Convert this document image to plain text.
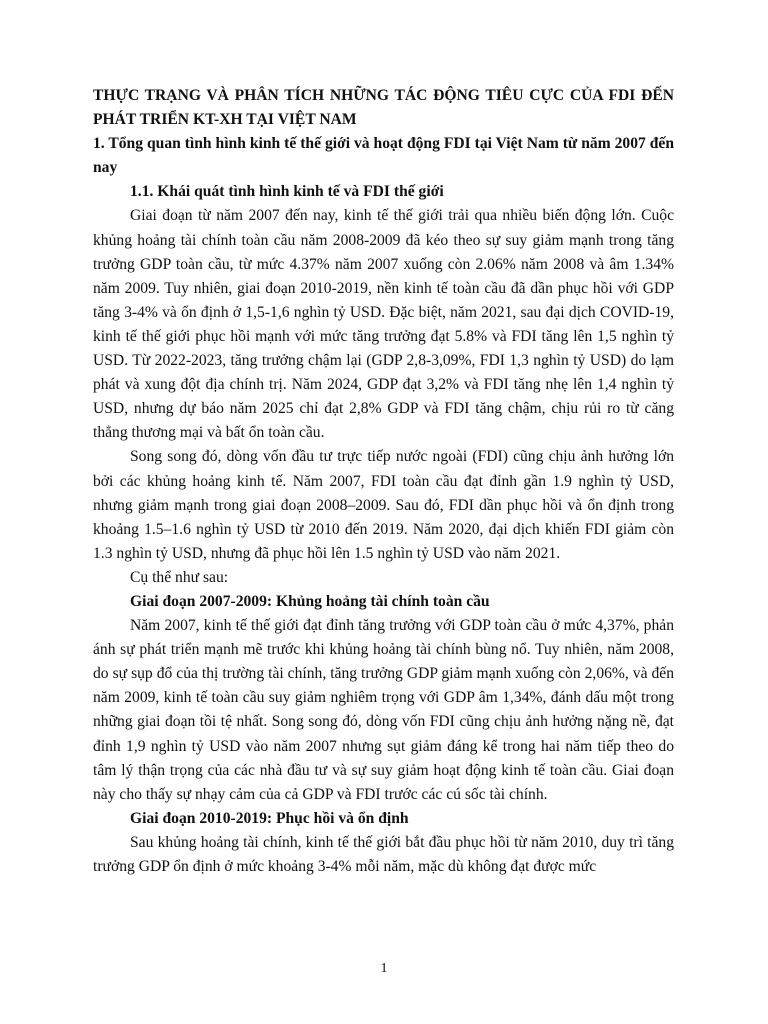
THỰC TRẠNG VÀ PHÂN TÍCH NHỮNG TÁC ĐỘNG TIÊU CỰC CỦA FDI ĐẾN PHÁT TRIỂN KT-XH TẠI VIỆT NAM

1. Tổng quan tình hình kinh tế thế giới và hoạt động FDI tại Việt Nam từ năm 2007 đến nay

1.1. Khái quát tình hình kinh tế và FDI thế giới

Giai đoạn từ năm 2007 đến nay, kinh tế thế giới trải qua nhiều biến động lớn. Cuộc khủng hoảng tài chính toàn cầu năm 2008-2009 đã kéo theo sự suy giảm mạnh trong tăng trưởng GDP toàn cầu, từ mức 4.37% năm 2007 xuống còn 2.06% năm 2008 và âm 1.34% năm 2009. Tuy nhiên, giai đoạn 2010-2019, nền kinh tế toàn cầu đã dần phục hồi với GDP tăng 3-4% và ổn định ở 1,5-1,6 nghìn tỷ USD. Đặc biệt, năm 2021, sau đại dịch COVID-19, kinh tế thế giới phục hồi mạnh với mức tăng trưởng đạt 5.8% và FDI tăng lên 1,5 nghìn tỷ USD. Từ 2022-2023, tăng trưởng chậm lại (GDP 2,8-3,09%, FDI 1,3 nghìn tỷ USD) do lạm phát và xung đột địa chính trị. Năm 2024, GDP đạt 3,2% và FDI tăng nhẹ lên 1,4 nghìn tỷ USD, nhưng dự báo năm 2025 chỉ đạt 2,8% GDP và FDI tăng chậm, chịu rủi ro từ căng thẳng thương mại và bất ổn toàn cầu.

Song song đó, dòng vốn đầu tư trực tiếp nước ngoài (FDI) cũng chịu ảnh hưởng lớn bởi các khủng hoảng kinh tế. Năm 2007, FDI toàn cầu đạt đỉnh gần 1.9 nghìn tỷ USD, nhưng giảm mạnh trong giai đoạn 2008–2009. Sau đó, FDI dần phục hồi và ổn định trong khoảng 1.5–1.6 nghìn tỷ USD từ 2010 đến 2019. Năm 2020, đại dịch khiến FDI giảm còn 1.3 nghìn tỷ USD, nhưng đã phục hồi lên 1.5 nghìn tỷ USD vào năm 2021.

Cụ thể như sau:

Giai đoạn 2007-2009: Khủng hoảng tài chính toàn cầu

Năm 2007, kinh tế thế giới đạt đỉnh tăng trưởng với GDP toàn cầu ở mức 4,37%, phản ánh sự phát triển mạnh mẽ trước khi khủng hoảng tài chính bùng nổ. Tuy nhiên, năm 2008, do sự sụp đổ của thị trường tài chính, tăng trưởng GDP giảm mạnh xuống còn 2,06%, và đến năm 2009, kinh tế toàn cầu suy giảm nghiêm trọng với GDP âm 1,34%, đánh dấu một trong những giai đoạn tồi tệ nhất. Song song đó, dòng vốn FDI cũng chịu ảnh hưởng nặng nề, đạt đỉnh 1,9 nghìn tỷ USD vào năm 2007 nhưng sụt giảm đáng kể trong hai năm tiếp theo do tâm lý thận trọng của các nhà đầu tư và sự suy giảm hoạt động kinh tế toàn cầu. Giai đoạn này cho thấy sự nhạy cảm của cả GDP và FDI trước các cú sốc tài chính.

Giai đoạn 2010-2019: Phục hồi và ổn định

Sau khủng hoảng tài chính, kinh tế thế giới bắt đầu phục hồi từ năm 2010, duy trì tăng trưởng GDP ổn định ở mức khoảng 3-4% mỗi năm, mặc dù không đạt được mức

1
